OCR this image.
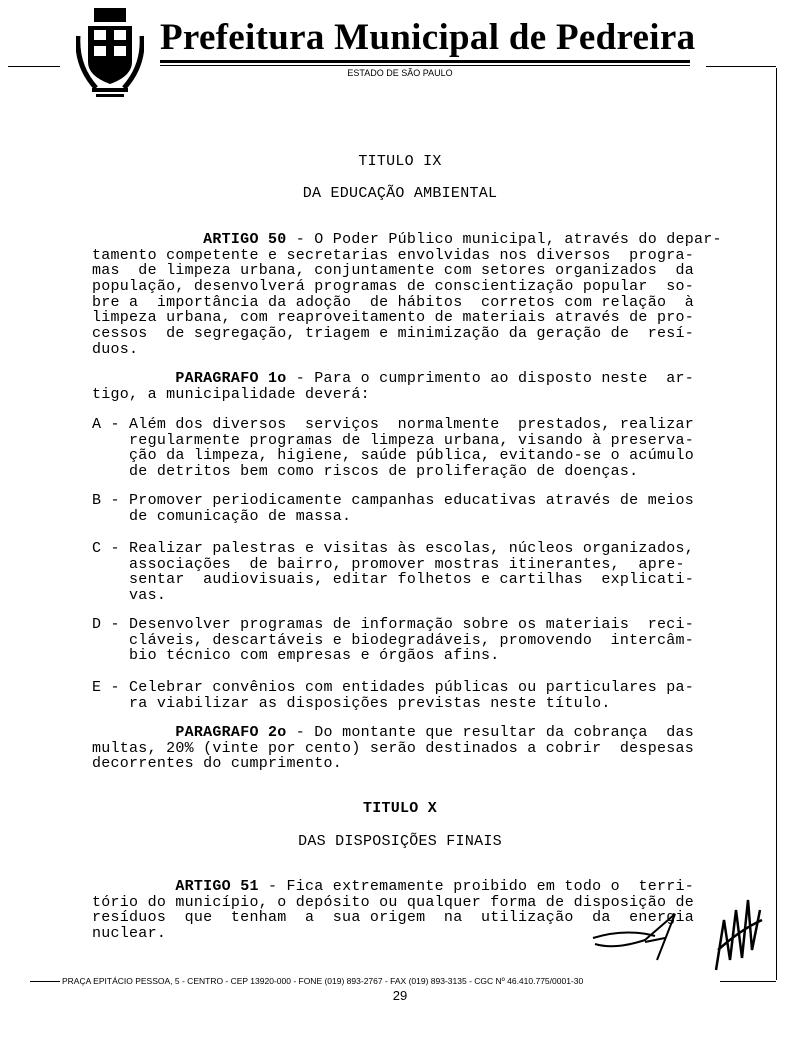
Prefeitura Municipal de Pedreira
ESTADO DE SÃO PAULO
TITULO IX
DA EDUCAÇÃO AMBIENTAL
ARTIGO 50 - O Poder Público municipal, através do depar-
tamento competente e secretarias envolvidas nos diversos  progra-
mas  de limpeza urbana, conjuntamente com setores organizados  da
população, desenvolverá programas de conscientização popular  so-
bre a  importância da adoção  de hábitos  corretos com relação  à
limpeza urbana, com reaproveitamento de materiais através de pro-
cessos  de segregação, triagem e minimização da geração de  resí-
duos.
PARAGRAFO 1o - Para o cumprimento ao disposto neste  ar-
tigo, a municipalidade deverá:
A - Além dos diversos  serviços  normalmente  prestados, realizar
regularmente programas de limpeza urbana, visando à preserva-
ção da limpeza, higiene, saúde pública, evitando-se o acúmulo
de detritos bem como riscos de proliferação de doenças.
B - Promover periodicamente campanhas educativas através de meios
de comunicação de massa.
C - Realizar palestras e visitas às escolas, núcleos organizados,
associações  de bairro, promover mostras itinerantes,  apre-
sentar  audiovisuais, editar folhetos e cartilhas  explicati-
vas.
D - Desenvolver programas de informação sobre os materiais  reci-
cláveis, descartáveis e biodegradáveis, promovendo  intercâm-
bio técnico com empresas e órgãos afins.
E - Celebrar convênios com entidades públicas ou particulares pa-
ra viabilizar as disposições previstas neste título.
PARAGRAFO 2o - Do montante que resultar da cobrança  das
multas, 20% (vinte por cento) serão destinados a cobrir  despesas
decorrentes do cumprimento.
TITULO X
DAS DISPOSIÇÕES FINAIS
ARTIGO 51 - Fica extremamente proibido em todo o  terri-
tório do município, o depósito ou qualquer forma de disposição de
resíduos  que  tenham  a  sua origem  na  utilização  da  energia
nuclear.
PRAÇA EPITÁCIO PESSOA, 5 - CENTRO - CEP 13920-000 - FONE (019) 893-2767 - FAX (019) 893-3135 - CGC Nº 46.410.775/0001-30
29
